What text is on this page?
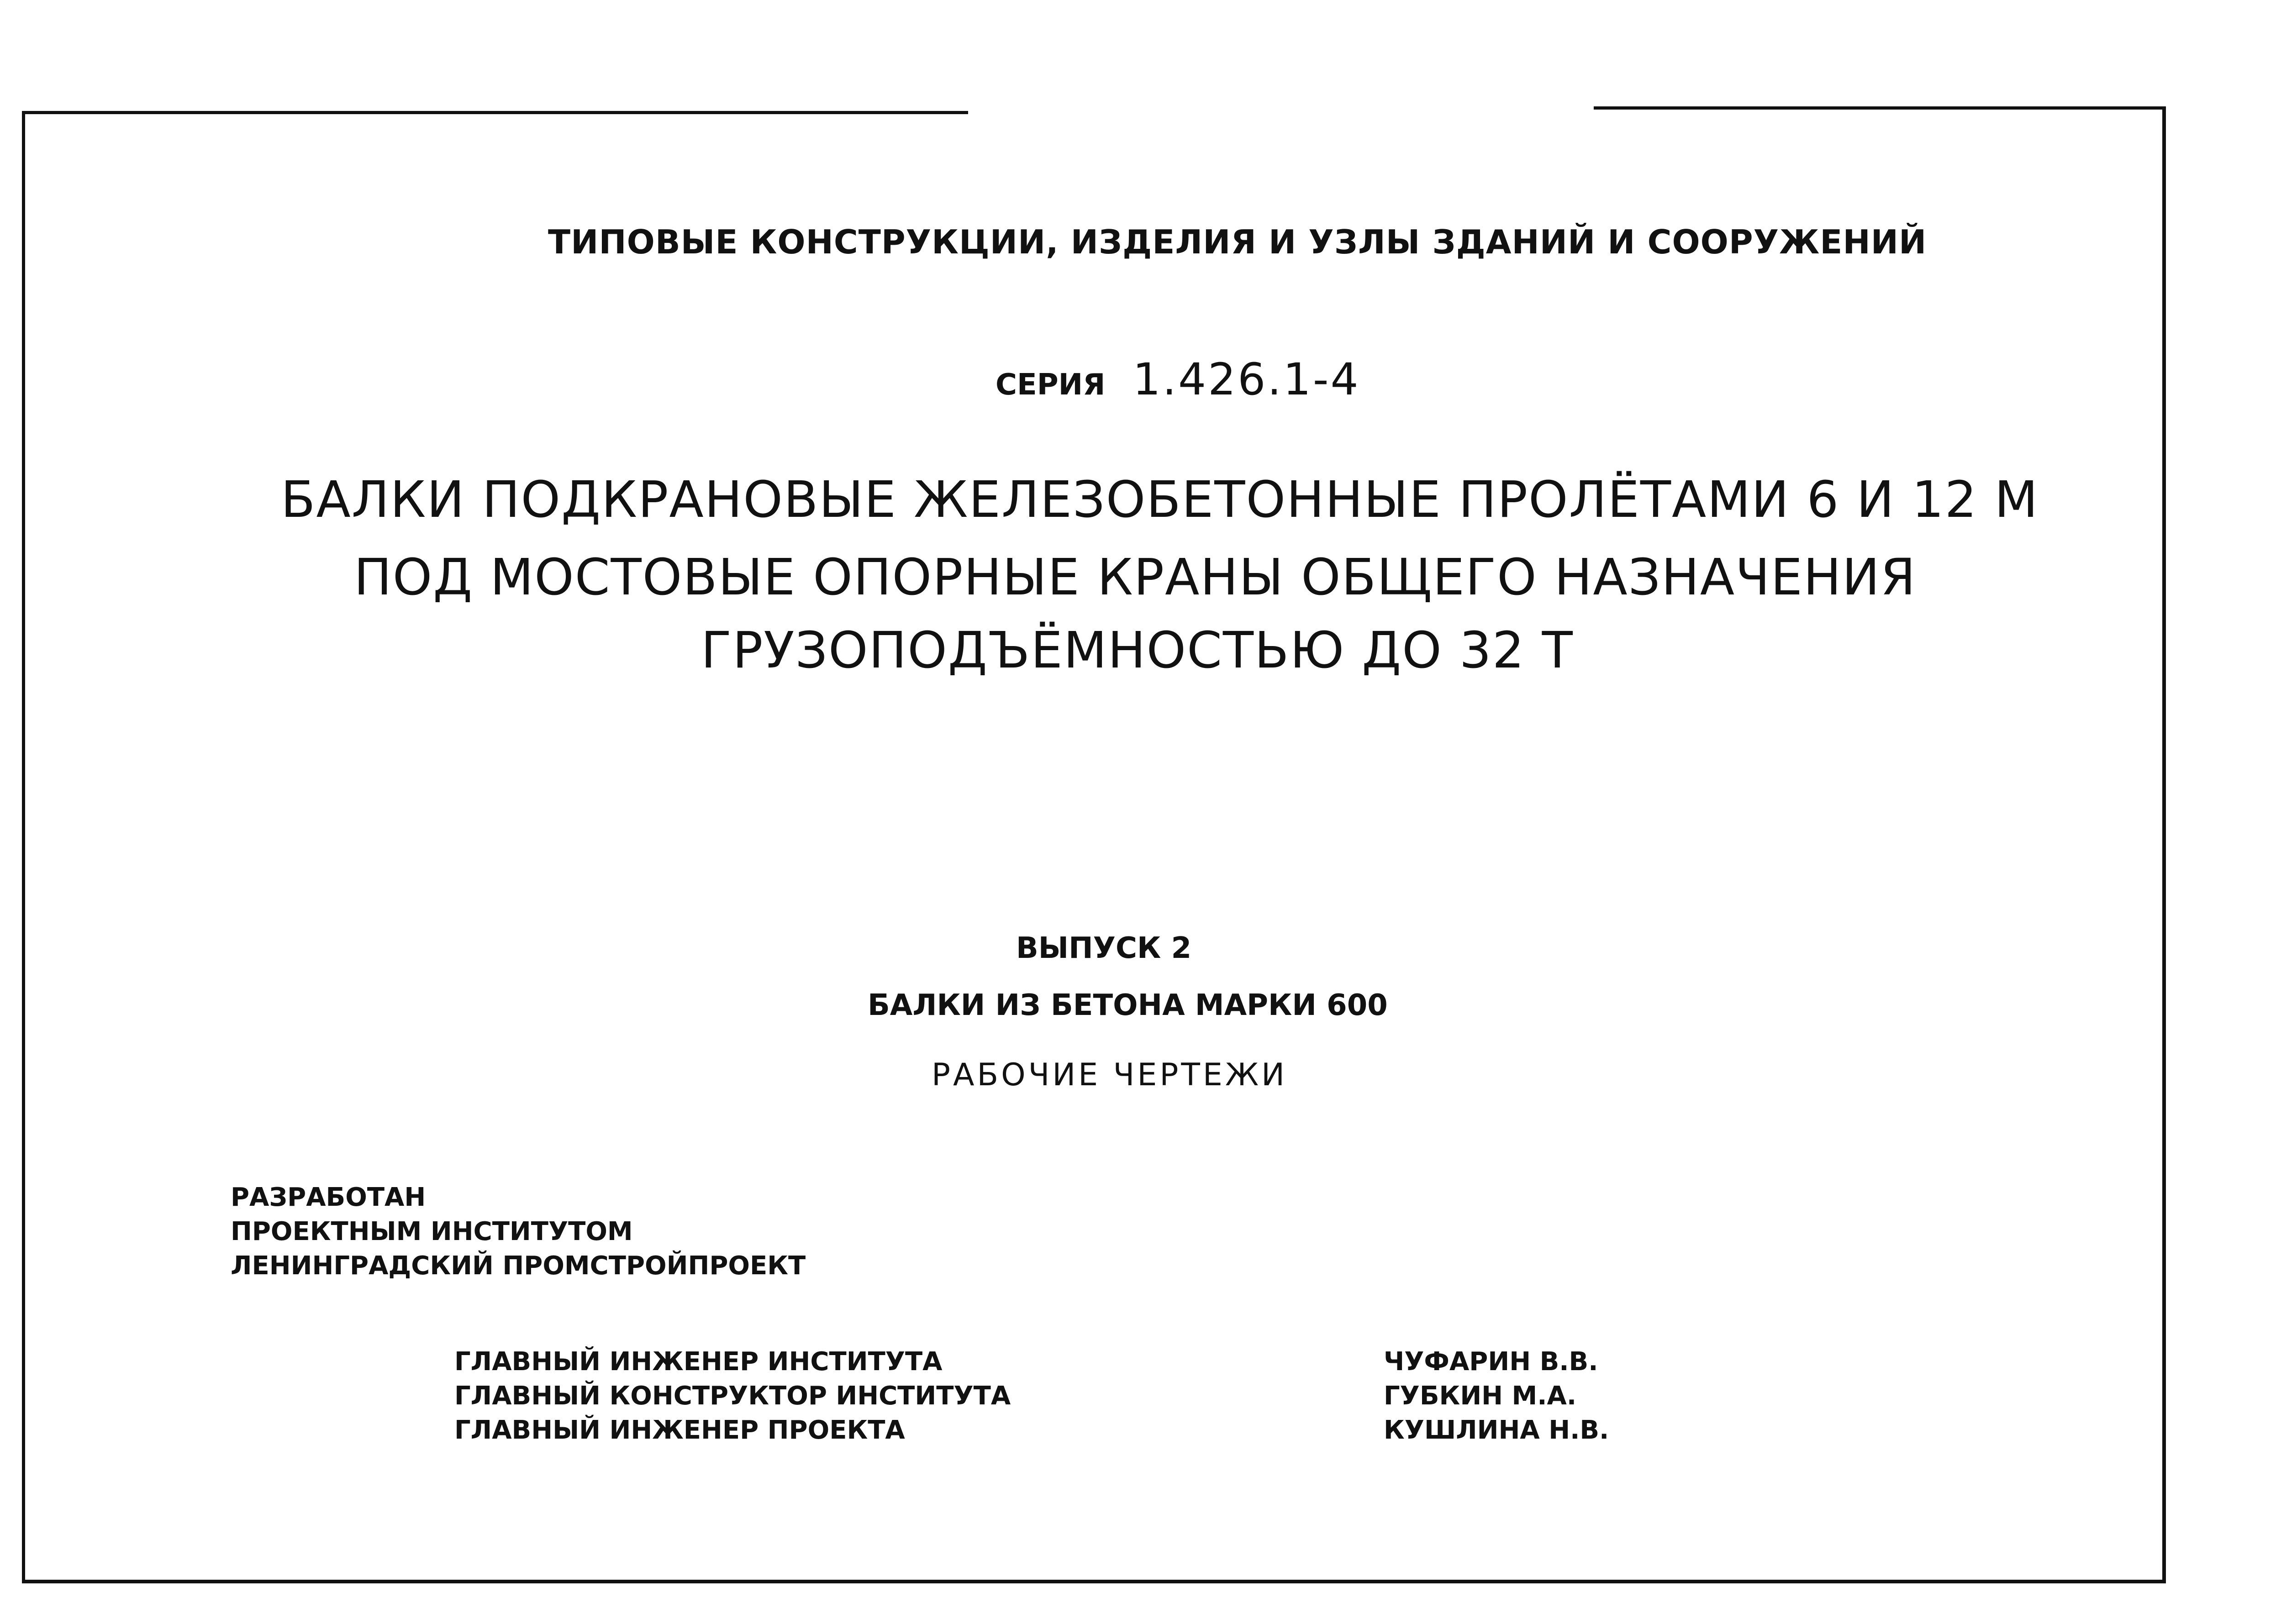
ТИПОВЫЕ КОНСТРУКЦИИ, ИЗДЕЛИЯ И УЗЛЫ ЗДАНИЙ И СООРУЖЕНИЙ
СЕРИЯ 1.426.1-4
БАЛКИ ПОДКРАНОВЫЕ ЖЕЛЕЗОБЕТОННЫЕ ПРОЛЁТАМИ 6 И 12 М
ПОД МОСТОВЫЕ ОПОРНЫЕ КРАНЫ ОБЩЕГО НАЗНАЧЕНИЯ
ГРУЗОПОДЪЁМНОСТЬЮ ДО 32 Т
ВЫПУСК 2
БАЛКИ ИЗ БЕТОНА МАРКИ 600
РАБОЧИЕ ЧЕРТЕЖИ
РАЗРАБОТАН
ПРОЕКТНЫМ ИНСТИТУТОМ
ЛЕНИНГРАДСКИЙ ПРОМСТРОЙПРОЕКТ
ГЛАВНЫЙ ИНЖЕНЕР ИНСТИТУТА	ЧУФАРИН В.В.
ГЛАВНЫЙ КОНСТРУКТОР ИНСТИТУТА	ГУБКИН М.А.
ГЛАВНЫЙ ИНЖЕНЕР ПРОЕКТА	КУШЛИНА Н.В.
